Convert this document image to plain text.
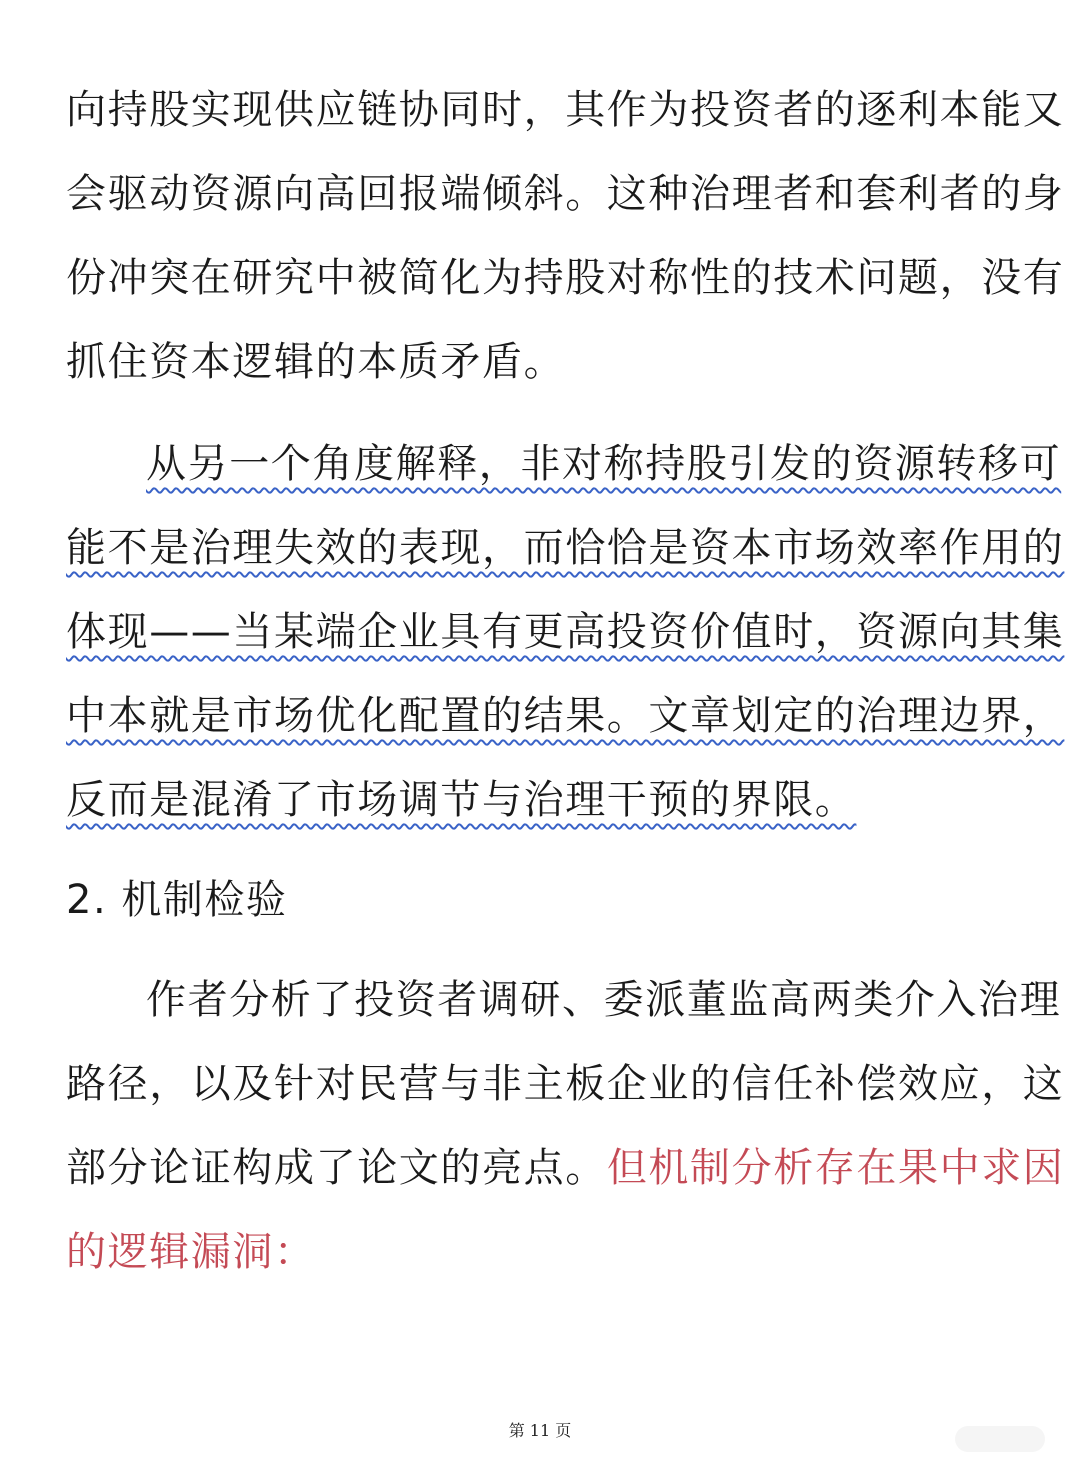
向持股实现供应链协同时，其作为投资者的逐利本能又
会驱动资源向高回报端倾斜。这种治理者和套利者的身
份冲突在研究中被简化为持股对称性的技术问题，没有
抓住资本逻辑的本质矛盾。
从另一个角度解释，非对称持股引发的资源转移可
能不是治理失效的表现，而恰恰是资本市场效率作用的
体现——当某端企业具有更高投资价值时，资源向其集
中本就是市场优化配置的结果。文章划定的治理边界，
反而是混淆了市场调节与治理干预的界限。
2. 机制检验
作者分析了投资者调研、委派董监高两类介入治理
路径，以及针对民营与非主板企业的信任补偿效应，这
部分论证构成了论文的亮点。但机制分析存在果中求因
的逻辑漏洞：
第 11 页
